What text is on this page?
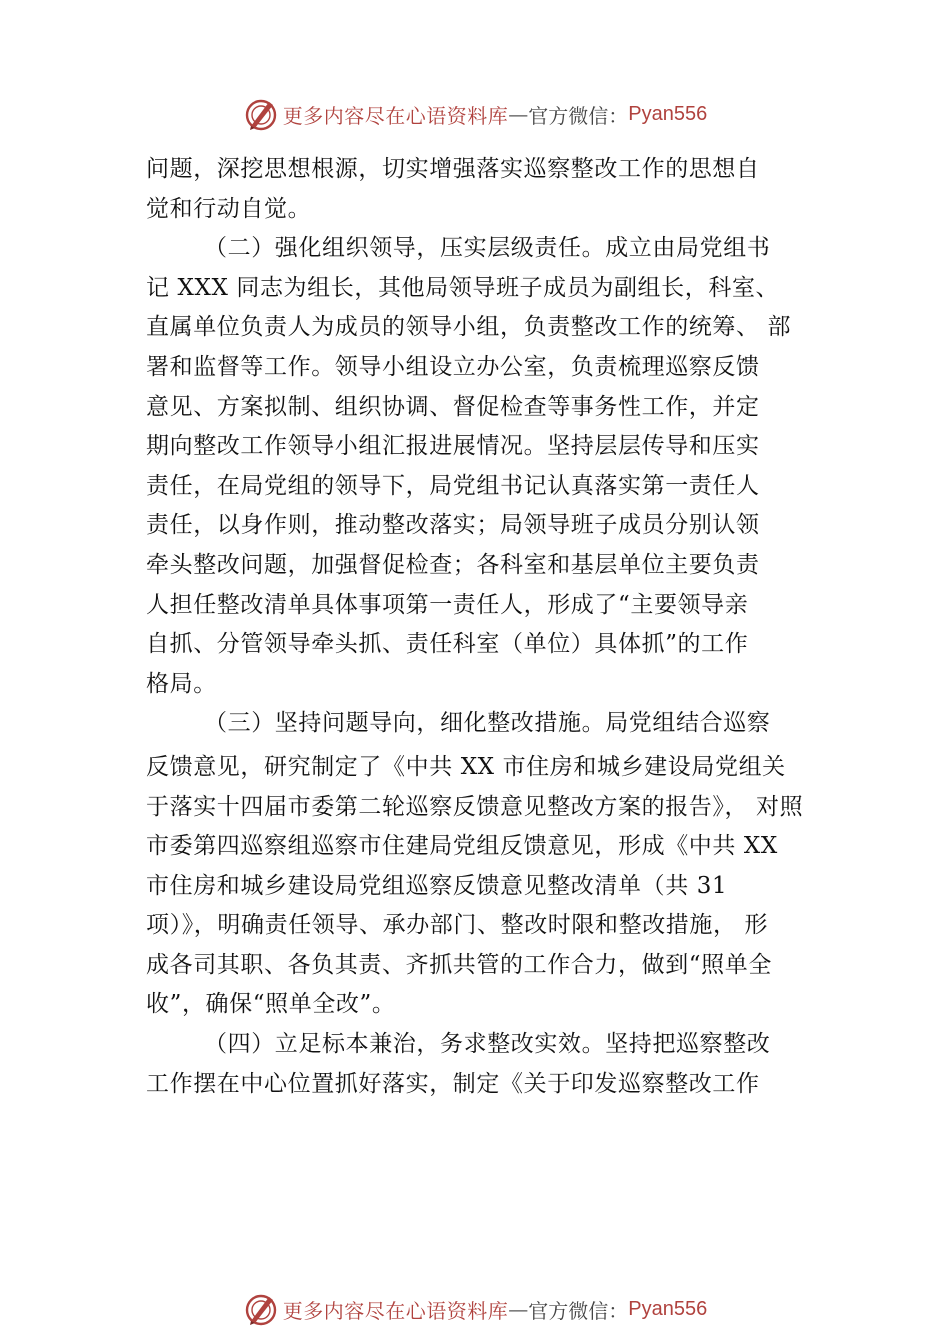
更多内容尽在心语资料库 — 官方微信： Pyan556
问题，深挖思想根源，切实增强落实巡察整改工作的思想自
觉和行动自觉。
（二）强化组织领导，压实层级责任。成立由局党组书
记 XXX 同志为组长，其他局领导班子成员为副组长，科室、
直属单位负责人为成员的领导小组，负责整改工作的统筹、 部
署和监督等工作。领导小组设立办公室，负责梳理巡察反馈
意见、方案拟制、组织协调、督促检查等事务性工作，并定
期向整改工作领导小组汇报进展情况。坚持层层传导和压实
责任，在局党组的领导下，局党组书记认真落实第一责任人
责任，以身作则，推动整改落实；局领导班子成员分别认领
牵头整改问题，加强督促检查；各科室和基层单位主要负责
人担任整改清单具体事项第一责任人，形成了“主要领导亲
自抓、分管领导牵头抓、责任科室（单位）具体抓”的工作
格局。
（三）坚持问题导向，细化整改措施。局党组结合巡察
反馈意见，研究制定了《中共 XX 市住房和城乡建设局党组关
于落实十四届市委第二轮巡察反馈意见整改方案的报告》， 对照
市委第四巡察组巡察市住建局党组反馈意见，形成《中共 XX
市住房和城乡建设局党组巡察反馈意见整改清单（共 31
项）》，明确责任领导、承办部门、整改时限和整改措施， 形
成各司其职、各负其责、齐抓共管的工作合力，做到“照单全
收”，确保“照单全改”。
（四）立足标本兼治，务求整改实效。坚持把巡察整改
工作摆在中心位置抓好落实，制定《关于印发巡察整改工作
更多内容尽在心语资料库 — 官方微信： Pyan556
